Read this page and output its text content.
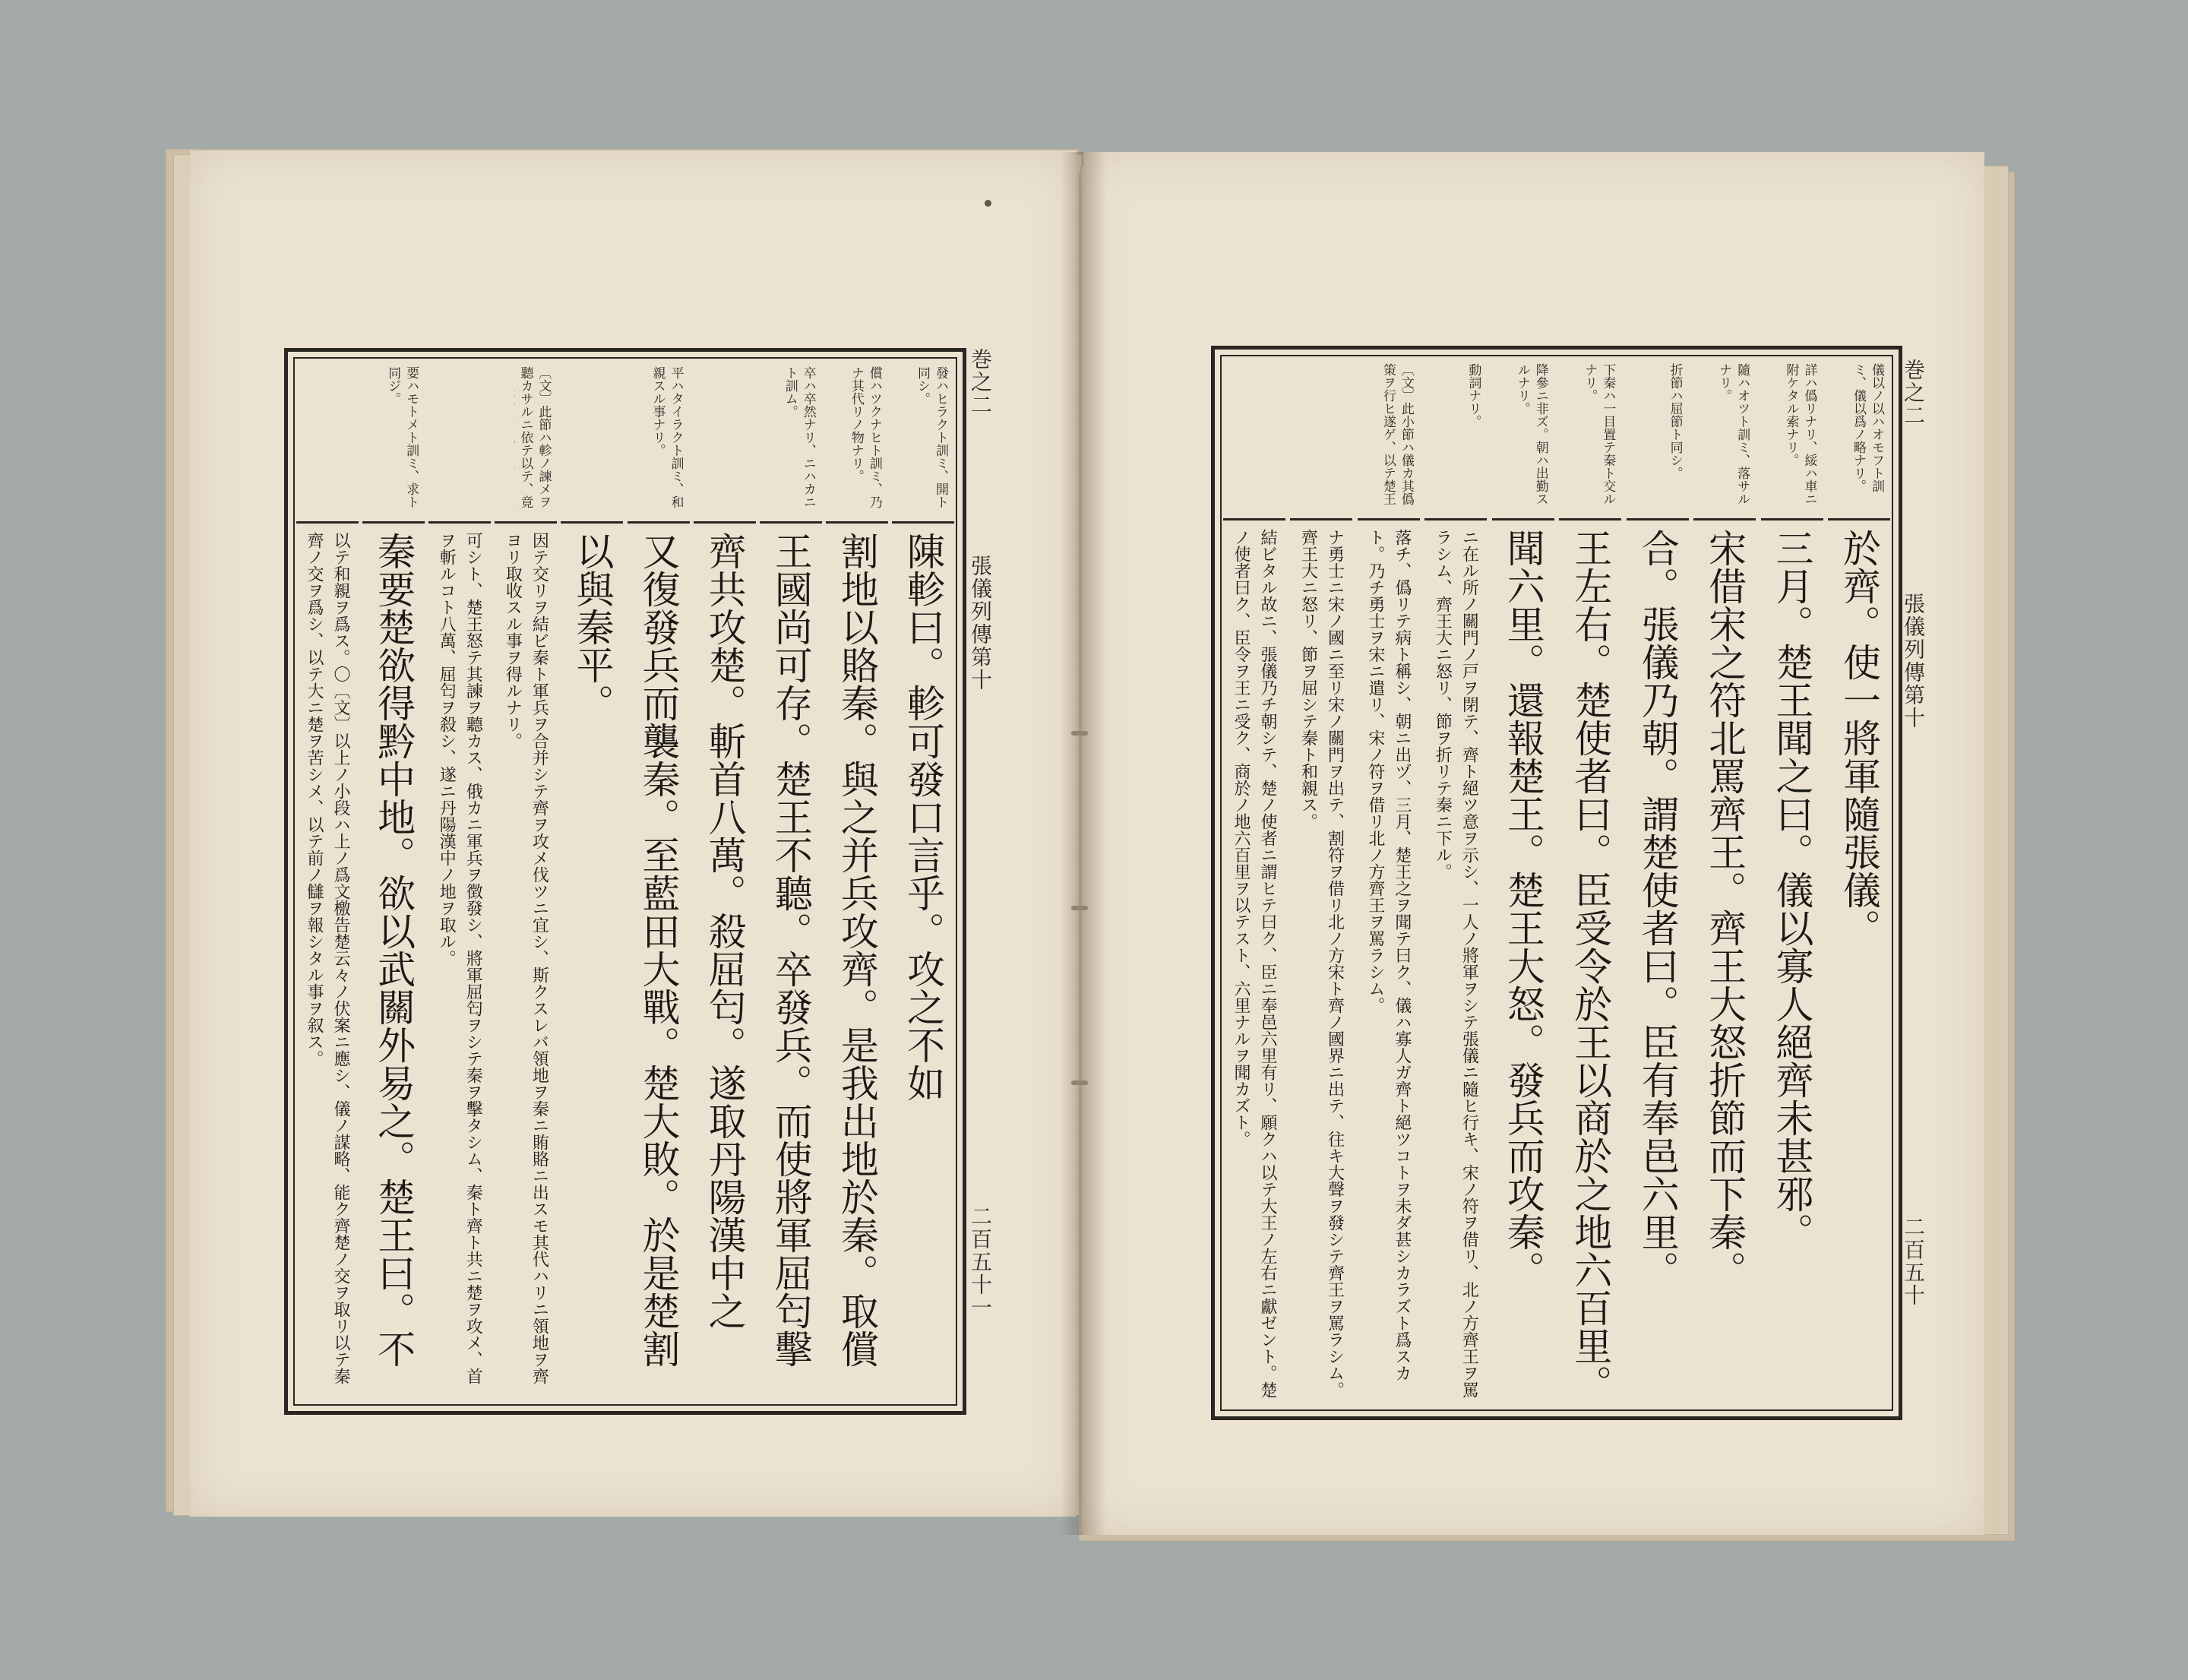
發ハヒラクト訓ミ、開ト同シ。
陳軫曰。軫可發口言乎。攻之不如
償ハツクナヒト訓ミ、乃ナ其代リノ物ナリ。
割地以賂秦。與之并兵攻齊。是我出地於秦。取償
卒ハ卒然ナリ、ニハカニト訓ム。
王國尚可存。楚王不聽。卒發兵。而使將軍屈匄擊
齊共攻楚。斬首八萬。殺屈匄。遂取丹陽漢中之
平ハタイラクト訓ミ、和親スル事ナリ。
又復發兵而襲秦。至藍田大戰。楚大敗。於是楚割
以與秦平。
〔文〕此節ハ軫ノ諫メヲ聽カサルニ依テ以テ、竟
因テ交リヲ結ビ秦ト軍兵ヲ合并シテ齊ヲ攻メ伐ツニ宜シ、斯クスレバ領地ヲ秦ニ賄賂ニ出スモ其代ハリニ領地ヲ齊ヨリ取收スル事ヲ得ルナリ。
可シト、楚王怒テ其諫ヲ聽カス、俄カニ軍兵ヲ徴發シ、將軍屈匄ヲシテ秦ヲ擊タシム、秦ト齊ト共ニ楚ヲ攻メ、首ヲ斬ルコト八萬、屈匄ヲ殺シ、遂ニ丹陽漢中ノ地ヲ取ル。
要ハモトメト訓ミ、求ト同ジ。
秦要楚欲得黔中地。欲以武關外易之。楚王曰。不
以テ和親ヲ爲ス。〇〔文〕以上ノ小段ハ上ノ爲文檄告楚云々ノ伏案ニ應シ、儀ノ謀略、能ク齊楚ノ交ヲ取リ以テ秦齊ノ交ヲ爲シ、以テ大ニ楚ヲ苦シメ、以テ前ノ讎ヲ報シタル事ヲ叙ス。
巻之二
張儀列傳第十
二百五十一
儀以ノ以ハオモフト訓ミ、儀以爲ノ略ナリ。
於齊。使一將軍隨張儀。
詳ハ僞リナリ、綏ハ車ニ附ケタル索ナリ。
三月。楚王聞之曰。儀以寡人絕齊未甚邪。
隨ハオツト訓ミ、落サルナリ。
宋借宋之符北罵齊王。齊王大怒折節而下秦。
折節ハ屈節ト同シ。
合。張儀乃朝。謂楚使者曰。臣有奉邑六里。
下秦ハ一目置テ秦ト交ルナリ。
王左右。楚使者曰。臣受令於王以商於之地六百里。
降參ニ非ズ。朝ハ出勤スルナリ。
聞六里。還報楚王。楚王大怒。發兵而攻秦。
動詞ナリ。
ニ在ル所ノ關門ノ戸ヲ閉テ、齊ト絕ツ意ヲ示シ、一人ノ將軍ヲシテ張儀ニ隨ヒ行キ、宋ノ符ヲ借リ、北ノ方齊王ヲ罵ラシム、齊王大ニ怒リ、節ヲ折リテ秦ニ下ル。
〔文〕此小節ハ儀カ其僞策ヲ行ヒ遂ゲ、以テ楚王
落チ、僞リテ病ト稱シ、朝ニ出ヅ、三月、楚王之ヲ聞テ曰ク、儀ハ寡人ガ齊ト絕ツコトヲ未ダ甚シカラズト爲スカト。乃チ勇士ヲ宋ニ遣リ、宋ノ符ヲ借リ北ノ方齊王ヲ罵ラシム。
ナ勇士ニ宋ノ國ニ至リ宋ノ關門ヲ出テ、割符ヲ借リ北ノ方宋ト齊ノ國界ニ出テ、往キ大聲ヲ發シテ齊王ヲ罵ラシム。齊王大ニ怒リ、節ヲ屈シテ秦ト和親ス。
結ビタル故ニ、張儀乃チ朝シテ、楚ノ使者ニ謂ヒテ曰ク、臣ニ奉邑六里有リ、願クハ以テ大王ノ左右ニ獻ゼント。楚ノ使者曰ク、臣令ヲ王ニ受ク、商於ノ地六百里ヲ以テスト、六里ナルヲ聞カズト。
巻之二
張儀列傳第十
二百五十
